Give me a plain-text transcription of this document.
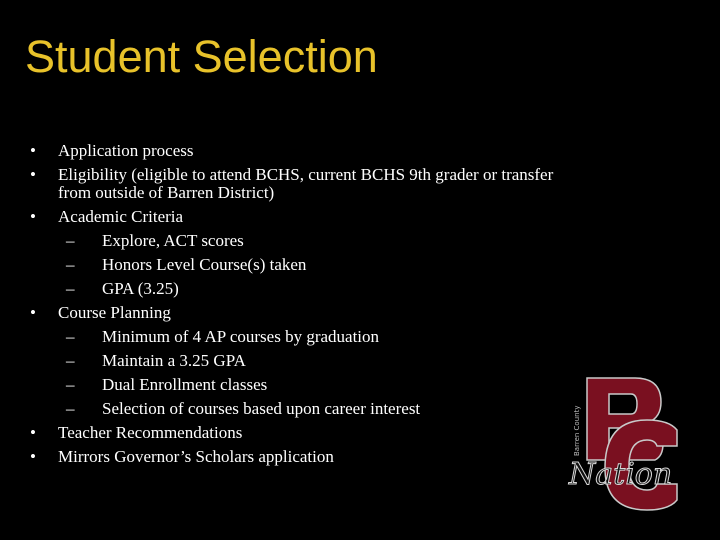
Student Selection
•	Application process
•	Eligibility (eligible to attend BCHS, current BCHS 9th grader or transfer from outside of Barren District)
•	Academic Criteria
–	Explore, ACT scores
–	Honors Level Course(s) taken
–	GPA (3.25)
•	Course Planning
–	Minimum of 4 AP courses by graduation
–	Maintain a 3.25 GPA
–	Dual Enrollment classes
–	Selection of courses based upon career interest
•	Teacher Recommendations
•	Mirrors Governor’s Scholars application
Nation
Barren County
